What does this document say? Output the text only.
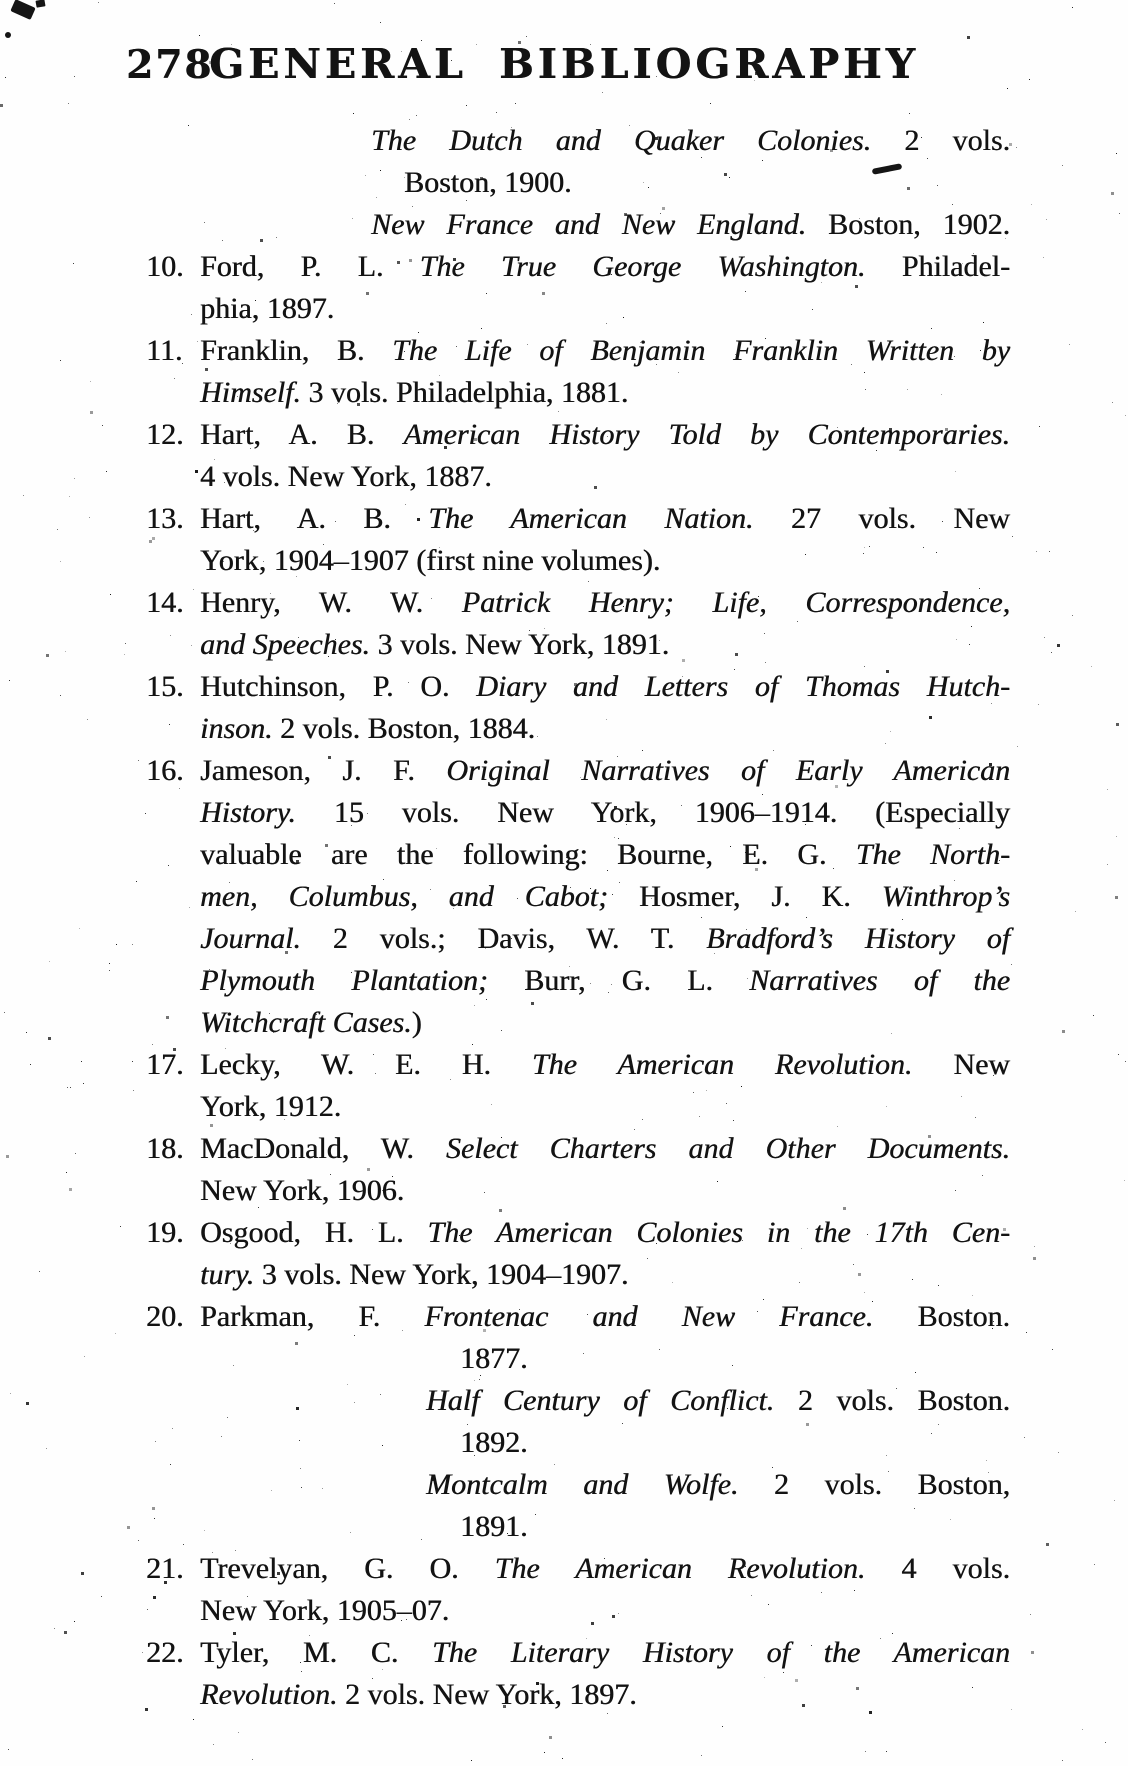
278
GENERAL BIBLIOGRAPHY
The Dutch and Quaker Colonies. 2 vols.
Boston, 1900.
New France and New England. Boston, 1902.
10. Ford, P. L. The True George Washington. Philadel-
phia, 1897.
11. Franklin, B. The Life of Benjamin Franklin Written by
Himself. 3 vols. Philadelphia, 1881.
12. Hart, A. B. American History Told by Contemporaries.
4 vols. New York, 1887.
13. Hart, A. B. The American Nation. 27 vols. New
York, 1904–1907 (first nine volumes).
14. Henry, W. W. Patrick Henry; Life, Correspondence,
and Speeches. 3 vols. New York, 1891.
15. Hutchinson, P. O. Diary and Letters of Thomas Hutch-
inson. 2 vols. Boston, 1884.
16. Jameson, J. F. Original Narratives of Early American
History. 15 vols. New York, 1906–1914. (Especially
valuable are the following: Bourne, E. G. The North-
men, Columbus, and Cabot; Hosmer, J. K. Winthrop’s
Journal. 2 vols.; Davis, W. T. Bradford’s History of
Plymouth Plantation; Burr, G. L. Narratives of the
Witchcraft Cases.)
17. Lecky, W. E. H. The American Revolution. New
York, 1912.
18. MacDonald, W. Select Charters and Other Documents.
New York, 1906.
19. Osgood, H. L. The American Colonies in the 17th Cen-
tury. 3 vols. New York, 1904–1907.
20. Parkman, F. Frontenac and New France. Boston.
1877.
Half Century of Conflict. 2 vols. Boston.
1892.
Montcalm and Wolfe. 2 vols. Boston,
1891.
21. Trevelyan, G. O. The American Revolution. 4 vols.
New York, 1905–07.
22. Tyler, M. C. The Literary History of the American
Revolution. 2 vols. New York, 1897.
